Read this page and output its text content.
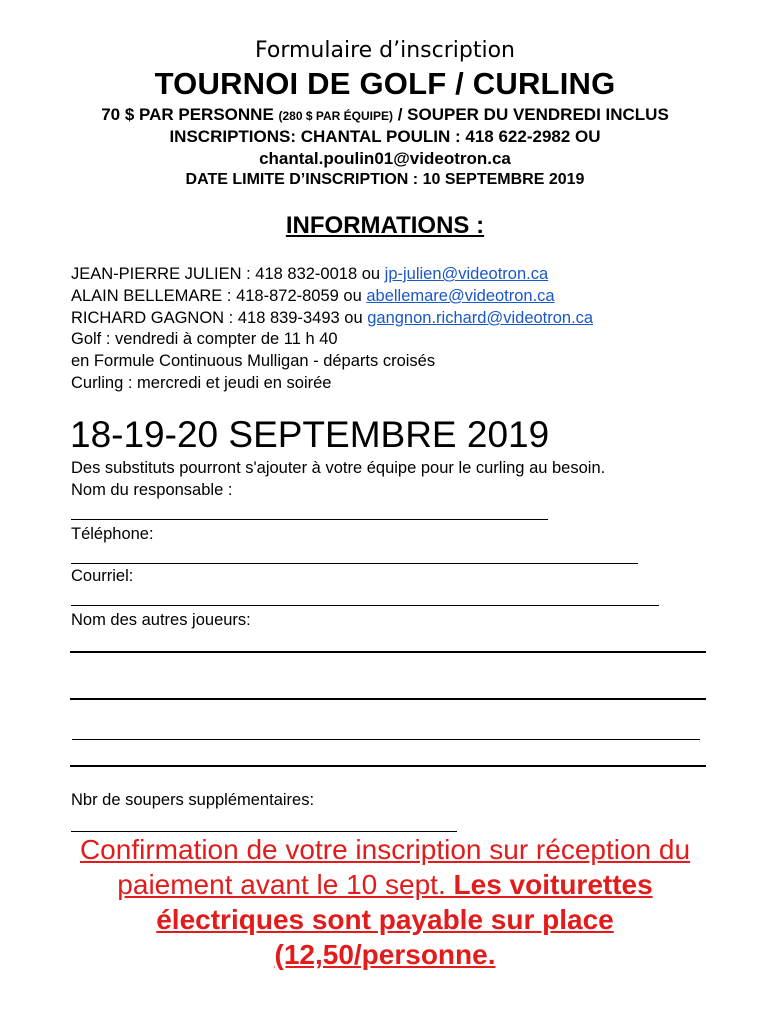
Formulaire d’inscription
TOURNOI DE GOLF / CURLING
70 $ PAR PERSONNE (280 $ PAR ÉQUIPE) / SOUPER DU VENDREDI INCLUS
INSCRIPTIONS: CHANTAL POULIN : 418 622-2982 OU
chantal.poulin01@videotron.ca
DATE LIMITE D’INSCRIPTION : 10 SEPTEMBRE 2019
INFORMATIONS :
JEAN-PIERRE JULIEN : 418 832-0018 ou jp-julien@videotron.ca
ALAIN BELLEMARE : 418-872-8059 ou abellemare@videotron.ca
RICHARD GAGNON : 418 839-3493 ou gangnon.richard@videotron.ca
Golf : vendredi à compter de 11 h 40
en Formule Continuous Mulligan - départs croisés
Curling : mercredi et jeudi en soirée
18-19-20 SEPTEMBRE 2019
Des substituts pourront s'ajouter à votre équipe pour le curling au besoin.
Nom du responsable :
Téléphone:
Courriel:
Nom des autres joueurs:
Nbr de soupers supplémentaires:
Confirmation de votre inscription sur réception du
paiement avant le 10 sept. Les voiturettes
électriques sont payable sur place
(12,50/personne.
